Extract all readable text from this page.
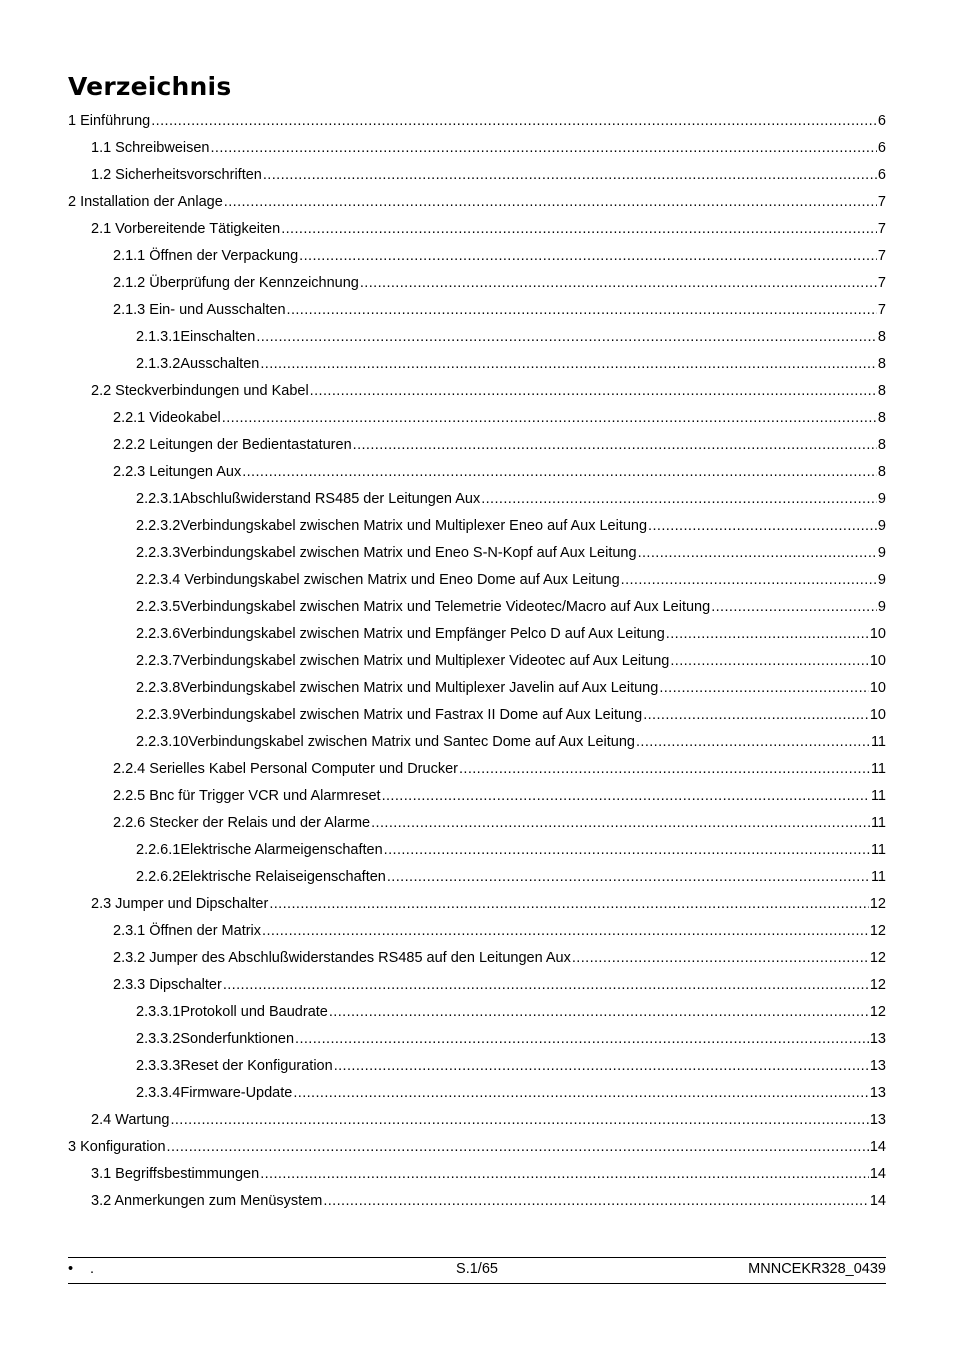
Verzeichnis
1 Einführung .....	6
1.1 Schreibweisen .....	6
1.2 Sicherheitsvorschriften .....	6
2 Installation der Anlage .....	7
2.1 Vorbereitende Tätigkeiten .....	7
2.1.1 Öffnen der Verpackung .....	7
2.1.2 Überprüfung der Kennzeichnung .....	7
2.1.3 Ein- und Ausschalten .....	7
2.1.3.1Einschalten .....	8
2.1.3.2Ausschalten .....	8
2.2 Steckverbindungen und Kabel .....	8
2.2.1 Videokabel .....	8
2.2.2 Leitungen der Bedientastaturen .....	8
2.2.3 Leitungen Aux .....	8
2.2.3.1Abschlußwiderstand RS485 der Leitungen Aux .....	9
2.2.3.2Verbindungskabel zwischen Matrix und Multiplexer Eneo auf Aux Leitung .....	9
2.2.3.3Verbindungskabel zwischen Matrix und Eneo S-N-Kopf auf Aux Leitung .....	9
2.2.3.4 Verbindungskabel zwischen Matrix und Eneo Dome auf Aux Leitung .....	9
2.2.3.5Verbindungskabel zwischen Matrix und Telemetrie Videotec/Macro auf Aux Leitung .....	9
2.2.3.6Verbindungskabel zwischen Matrix und Empfänger Pelco D auf Aux Leitung .....	10
2.2.3.7Verbindungskabel zwischen Matrix und Multiplexer Videotec auf Aux Leitung .....	10
2.2.3.8Verbindungskabel zwischen Matrix und Multiplexer Javelin auf Aux Leitung .....	10
2.2.3.9Verbindungskabel zwischen Matrix und Fastrax II Dome auf Aux Leitung .....	10
2.2.3.10Verbindungskabel zwischen Matrix und Santec Dome auf Aux Leitung .....	11
2.2.4 Serielles Kabel Personal Computer und Drucker .....	11
2.2.5 Bnc für Trigger VCR und Alarmreset .....	11
2.2.6 Stecker der Relais und der Alarme .....	11
2.2.6.1Elektrische Alarmeigenschaften .....	11
2.2.6.2Elektrische Relaiseigenschaften .....	11
2.3 Jumper und Dipschalter .....	12
2.3.1 Öffnen der Matrix .....	12
2.3.2 Jumper des Abschlußwiderstandes RS485 auf den Leitungen Aux .....	12
2.3.3 Dipschalter .....	12
2.3.3.1Protokoll und Baudrate .....	12
2.3.3.2Sonderfunktionen .....	13
2.3.3.3Reset der Konfiguration .....	13
2.3.3.4Firmware-Update .....	13
2.4 Wartung .....	13
3 Konfiguration .....	14
3.1 Begriffsbestimmungen .....	14
3.2 Anmerkungen zum Menüsystem .....	14
• .	S.1/65	MNNCEKR328_0439
